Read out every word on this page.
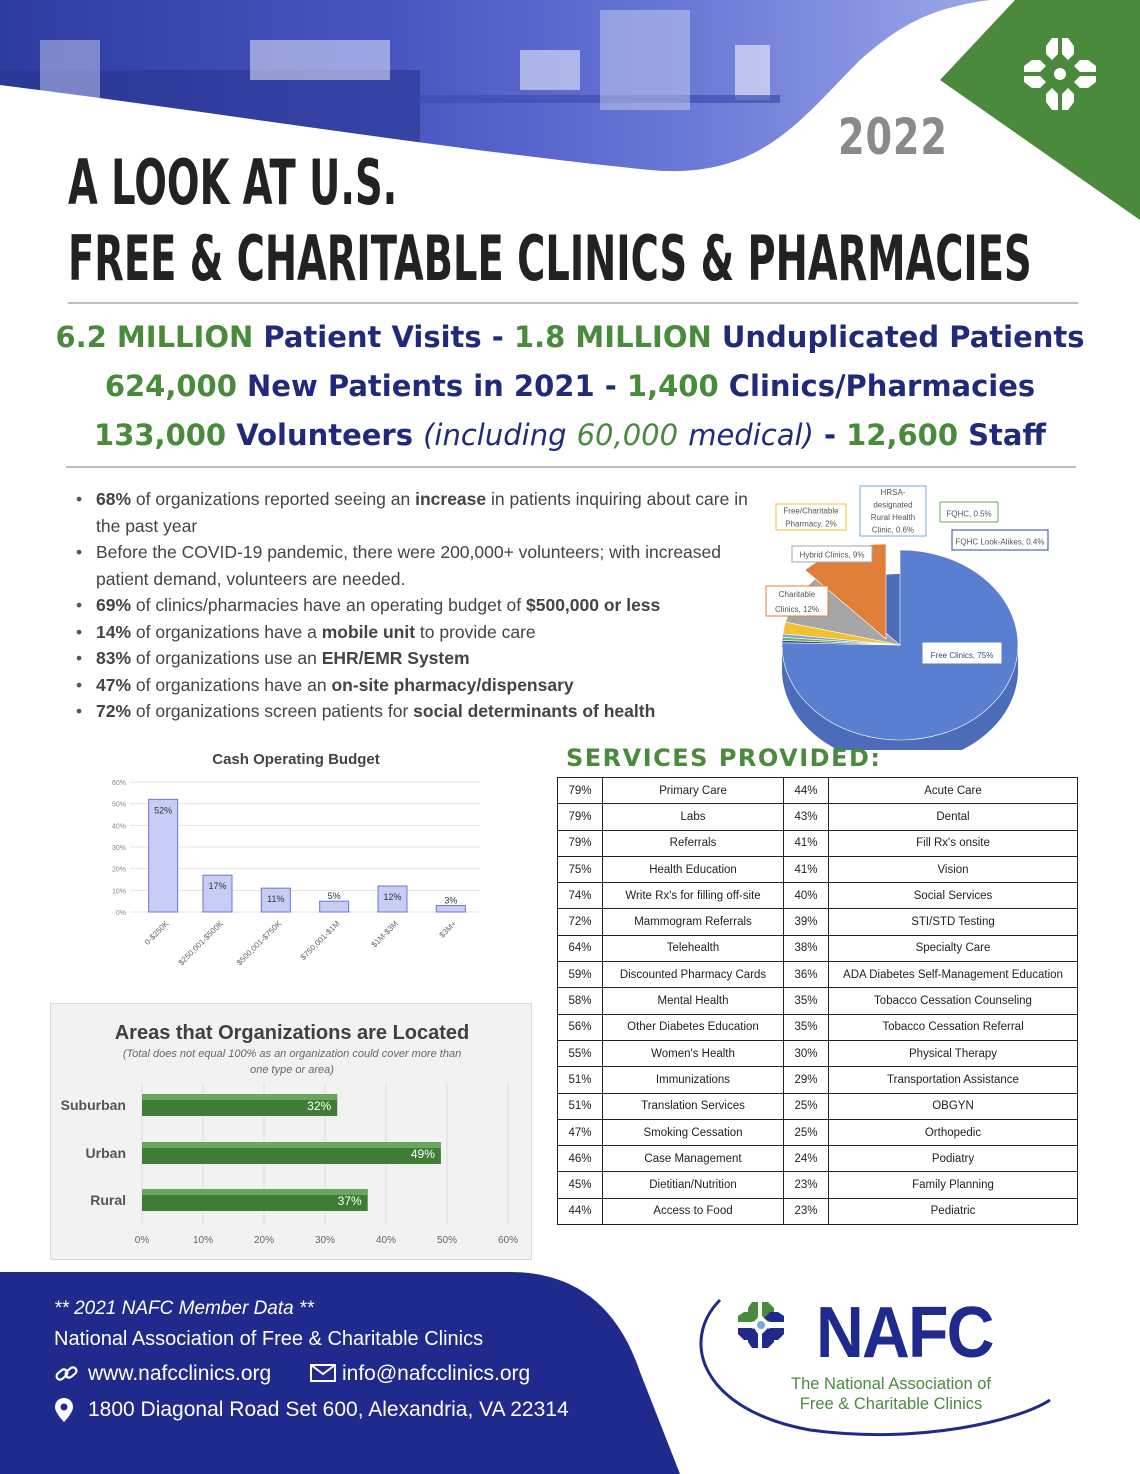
2022
A LOOK AT U.S.
FREE & CHARITABLE CLINICS & PHARMACIES
6.2 MILLION Patient Visits - 1.8 MILLION Unduplicated Patients
624,000 New Patients in 2021 - 1,400 Clinics/Pharmacies
133,000 Volunteers (including 60,000 medical) - 12,600 Staff
• 68% of organizations reported seeing an increase in patients inquiring about care in the past year
• Before the COVID-19 pandemic, there were 200,000+ volunteers; with increased patient demand, volunteers are needed.
• 69% of clinics/pharmacies have an operating budget of $500,000 or less
• 14% of organizations have a mobile unit to provide care
• 83% of organizations use an EHR/EMR System
• 47% of organizations have an on-site pharmacy/dispensary
• 72% of organizations screen patients for social determinants of health
Free Clinics, 75%
Charitable Clinics, 12%
Hybrid Clinics, 9%
Free/Charitable Pharmacy, 2%
HRSA-designated Rural Health Clinic, 0.6%
FQHC, 0.5%
FQHC Look-Alikes, 0.4%
Cash Operating Budget
0%
10%
20%
30%
40%
50%
60%
52%
0-$250K
17%
$250,001-$500K
11%
$500,001-$750K
5%
$750,001-$1M
12%
$1M-$3M
3%
$3M+
Areas that Organizations are Located
(Total does not equal 100% as an organization could cover more than one type or area)
0%	10%	20%	30%	40%	50%	60%
32%
Suburban
49%
Urban
37%
Rural
SERVICES PROVIDED:
79%	Primary Care	44%	Acute Care
79%	Labs	43%	Dental
79%	Referrals	41%	Fill Rx's onsite
75%	Health Education	41%	Vision
74%	Write Rx's for filling off-site	40%	Social Services
72%	Mammogram Referrals	39%	STI/STD Testing
64%	Telehealth	38%	Specialty Care
59%	Discounted Pharmacy Cards	36%	ADA Diabetes Self-Management Education
58%	Mental Health	35%	Tobacco Cessation Counseling
56%	Other Diabetes Education	35%	Tobacco Cessation Referral
55%	Women's Health	30%	Physical Therapy
51%	Immunizations	29%	Transportation Assistance
51%	Translation Services	25%	OBGYN
47%	Smoking Cessation	25%	Orthopedic
46%	Case Management	24%	Podiatry
45%	Dietitian/Nutrition	23%	Family Planning
44%	Access to Food	23%	Pediatric
** 2021 NAFC Member Data **
National Association of Free & Charitable Clinics
www.nafcclinics.org	info@nafcclinics.org
1800 Diagonal Road Set 600, Alexandria, VA 22314
NAFC
The National Association of
Free & Charitable Clinics
